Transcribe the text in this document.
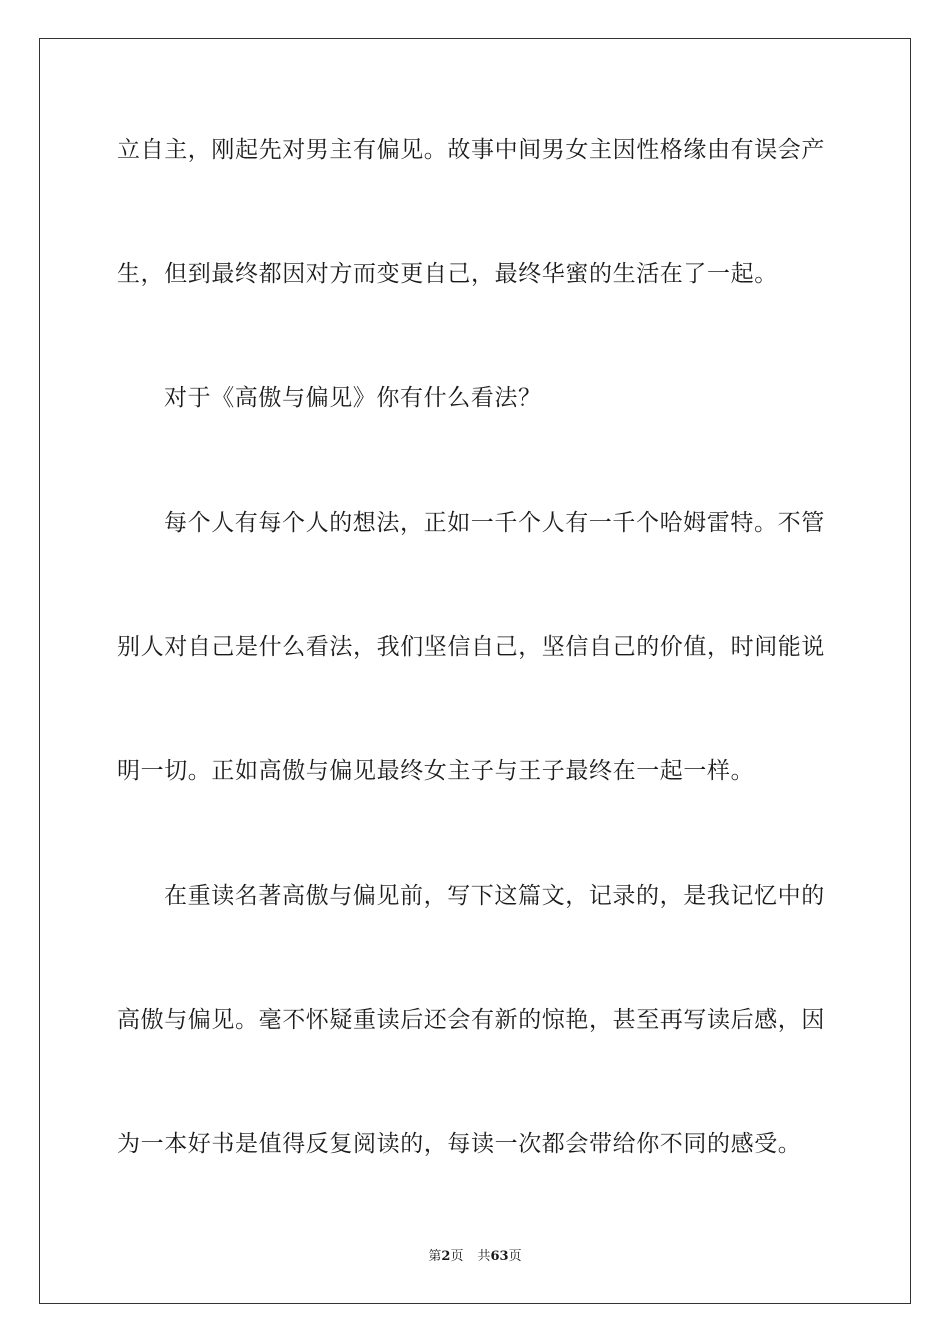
立自主，刚起先对男主有偏见。故事中间男女主因性格缘由有误会产
生，但到最终都因对方而变更自己，最终华蜜的生活在了一起。
对于《高傲与偏见》你有什么看法？
每个人有每个人的想法，正如一千个人有一千个哈姆雷特。不管
别人对自己是什么看法，我们坚信自己，坚信自己的价值，时间能说
明一切。正如高傲与偏见最终女主子与王子最终在一起一样。
在重读名著高傲与偏见前，写下这篇文，记录的，是我记忆中的
高傲与偏见。毫不怀疑重读后还会有新的惊艳，甚至再写读后感，因
为一本好书是值得反复阅读的，每读一次都会带给你不同的感受。
第2页 共63页
